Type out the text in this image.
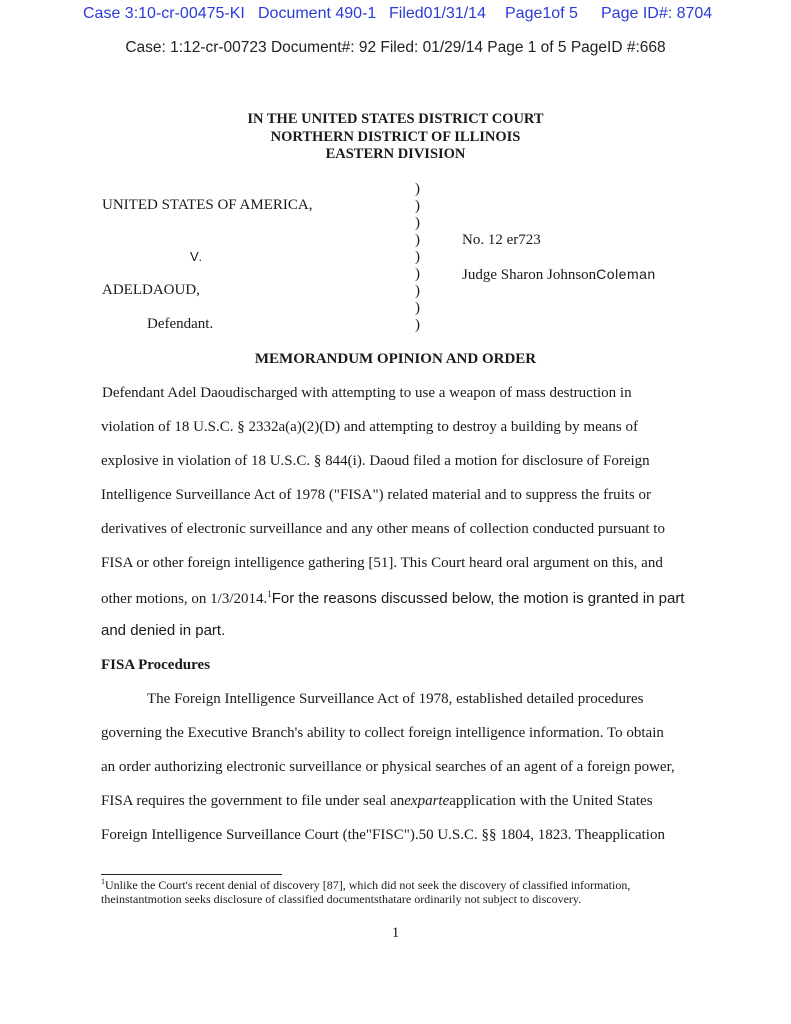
Case 3:10-cr-00475-KI Document 490-1 Filed01/31/14 Page1of 5 Page ID#: 8704
Case: 1:12-cr-00723 Document#: 92 Filed: 01/29/14 Page 1 of 5 PageID #:668
IN THE UNITED STATES DISTRICT COURT
NORTHERN DISTRICT OF ILLINOIS
EASTERN DIVISION
UNITED STATES OF AMERICA,
V.
ADELDAOUD,
Defendant.
)
)
)
)
)
)
)
)
)
No. 12 er723
Judge Sharon JohnsonColeman
MEMORANDUM OPINION AND ORDER
Defendant Adel Daoudischarged with attempting to use a weapon of mass destruction in
violation of 18 U.S.C. § 2332a(a)(2)(D) and attempting to destroy a building by means of
explosive in violation of 18 U.S.C. § 844(i). Daoud filed a motion for disclosure of Foreign
Intelligence Surveillance Act of 1978 ("FISA") related material and to suppress the fruits or
derivatives of electronic surveillance and any other means of collection conducted pursuant to
FISA or other foreign intelligence gathering [51]. This Court heard oral argument on this, and
other motions, on 1/3/2014.$^1$For the reasons discussed below, the motion is granted in part
and denied in part.
FISA Procedures
The Foreign Intelligence Surveillance Act of 1978, established detailed procedures
governing the Executive Branch's ability to collect foreign intelligence information. To obtain
an order authorizing electronic surveillance or physical searches of an agent of a foreign power,
FISA requires the government to file under seal anexparteapplication with the United States
Foreign Intelligence Surveillance Court (the"FISC").50 U.S.C. §§ 1804, 1823. Theapplication
$^1$Unlike the Court's recent denial of discovery [87], which did not seek the discovery of classified information,
theinstantmotion seeks disclosure of classified documentsthatare ordinarily not subject to discovery.
1
